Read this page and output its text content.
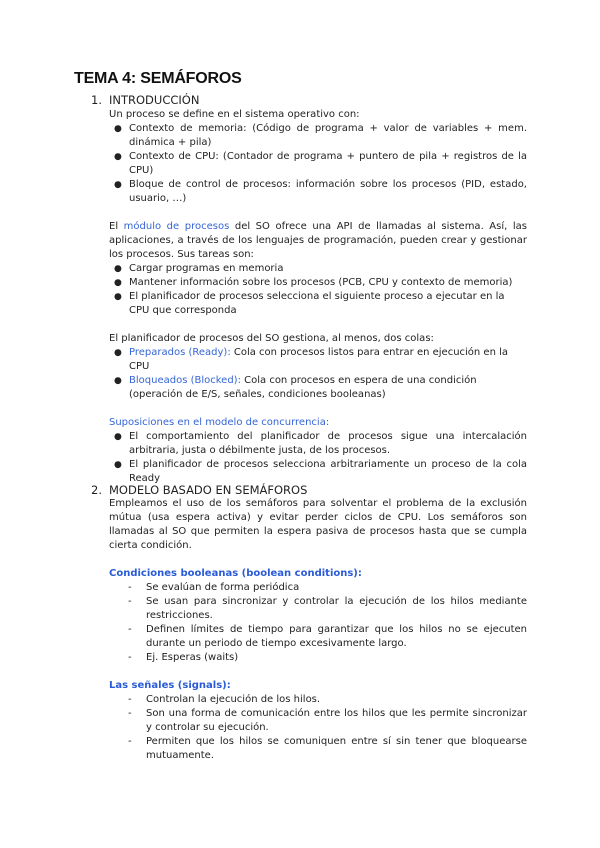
TEMA 4: SEMÁFOROS
1. INTRODUCCIÓN

Un proceso se define en el sistema operativo con:

● Contexto de memoria: (Código de programa + valor de variables + mem. dinámica + pila)
● Contexto de CPU: (Contador de programa + puntero de pila + registros de la CPU)
● Bloque de control de procesos: información sobre los procesos (PID, estado, usuario, …)

El módulo de procesos del SO ofrece una API de llamadas al sistema. Así, las aplicaciones, a través de los lenguajes de programación, pueden crear y gestionar los procesos. Sus tareas son:

● Cargar programas en memoria
● Mantener información sobre los procesos (PCB, CPU y contexto de memoria)
● El planificador de procesos selecciona el siguiente proceso a ejecutar en la CPU que corresponda

El planificador de procesos del SO gestiona, al menos, dos colas:

● Preparados (Ready): Cola con procesos listos para entrar en ejecución en la CPU
● Bloqueados (Blocked): Cola con procesos en espera de una condición (operación de E/S, señales, condiciones booleanas)

Suposiciones en el modelo de concurrencia:

● El comportamiento del planificador de procesos sigue una intercalación arbitraria, justa o débilmente justa, de los procesos.
● El planificador de procesos selecciona arbitrariamente un proceso de la cola Ready
2. MODELO BASADO EN SEMÁFOROS

Empleamos el uso de los semáforos para solventar el problema de la exclusión mútua (usa espera activa) y evitar perder ciclos de CPU. Los semáforos son llamadas al SO que permiten la espera pasiva de procesos hasta que se cumpla cierta condición.

Condiciones booleanas (boolean conditions):

- Se evalúan de forma periódica
- Se usan para sincronizar y controlar la ejecución de los hilos mediante restricciones.
- Definen límites de tiempo para garantizar que los hilos no se ejecuten durante un periodo de tiempo excesivamente largo.
- Ej. Esperas (waits)

Las señales (signals):

- Controlan la ejecución de los hilos.
- Son una forma de comunicación entre los hilos que les permite sincronizar y controlar su ejecución.
- Permiten que los hilos se comuniquen entre sí sin tener que bloquearse mutuamente.
